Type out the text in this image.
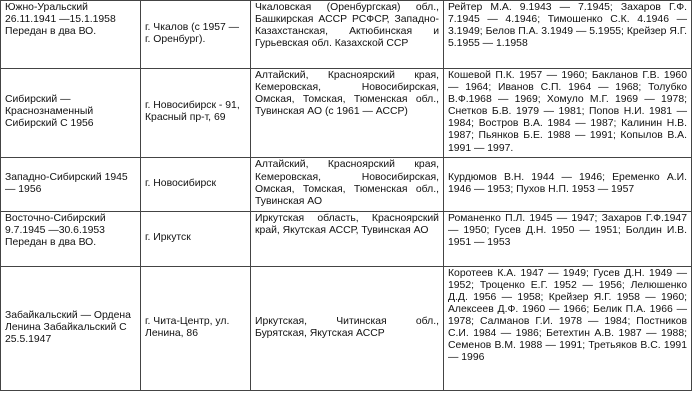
Южно-Уральский 26.11.1941 —15.1.1958 Передан в два ВО.	г. Чкалов (с 1957 — г. Оренбург).	Чкаловская (Оренбургская) обл., Башкирская АССР РСФСР, Западно-Казахстанская, Актюбинская и Гурьевская обл. Казахской ССР	Рейтер М.А. 9.1943 — 7.1945; Захаров Г.Ф. 7.1945 — 4.1946; Тимошенко С.К. 4.1946 — 3.1949; Белов П.А. 3.1949 — 5.1955; Крейзер Я.Г. 5.1955 — 1.1958
Сибирский — Краснознаменный Сибирский С 1956	г. Новосибирск - 91, Красный пр-т, 69	Алтайский, Красноярский края, Кемеровская, Новосибирская, Омская, Томская, Тюменская обл., Тувинская АО (с 1961 — АССР)	Кошевой П.К. 1957 — 1960; Бакланов Г.В. 1960 — 1964; Иванов С.П. 1964 — 1968; Толубко В.Ф.1968 — 1969; Хомуло М.Г. 1969 — 1978; Снетков Б.В. 1979 — 1981; Попов Н.И. 1981 — 1984; Востров В.А. 1984 — 1987; Калинин Н.В. 1987; Пьянков Б.Е. 1988 — 1991; Копылов В.А. 1991 — 1997.
Западно-Сибирский 1945 — 1956	г. Новосибирск	Алтайский, Красноярский края, Кемеровская, Новосибирская, Омская, Томская, Тюменская обл., Тувинская АО	Курдюмов В.Н. 1944 — 1946; Еременко А.И. 1946 — 1953; Пухов Н.П. 1953 — 1957
Восточно-Сибирский 9.7.1945 —30.6.1953 Передан в два ВО.	г. Иркутск	Иркутская область, Красноярский край, Якутская АССР, Тувинская АО	Романенко П.Л. 1945 — 1947; Захаров Г.Ф.1947 — 1950; Гусев Д.Н. 1950 — 1951; Болдин И.В. 1951 — 1953
Забайкальский — Ордена Ленина Забайкальский С 25.5.1947	г. Чита-Центр, ул. Ленина, 86	Иркутская, Читинская обл., Бурятская, Якутская АССР	Коротеев К.А. 1947 — 1949; Гусев Д.Н. 1949 — 1952; Троценко Е.Г. 1952 — 1956; Лелюшенко Д.Д. 1956 — 1958; Крейзер Я.Г. 1958 — 1960; Алексеев Д.Ф. 1960 — 1966; Белик П.А. 1966 — 1978; Салманов Г.И. 1978 — 1984; Постников С.И. 1984 — 1986; Бетехтин А.В. 1987 — 1988; Семенов В.М. 1988 — 1991; Третьяков В.С. 1991 — 1996
